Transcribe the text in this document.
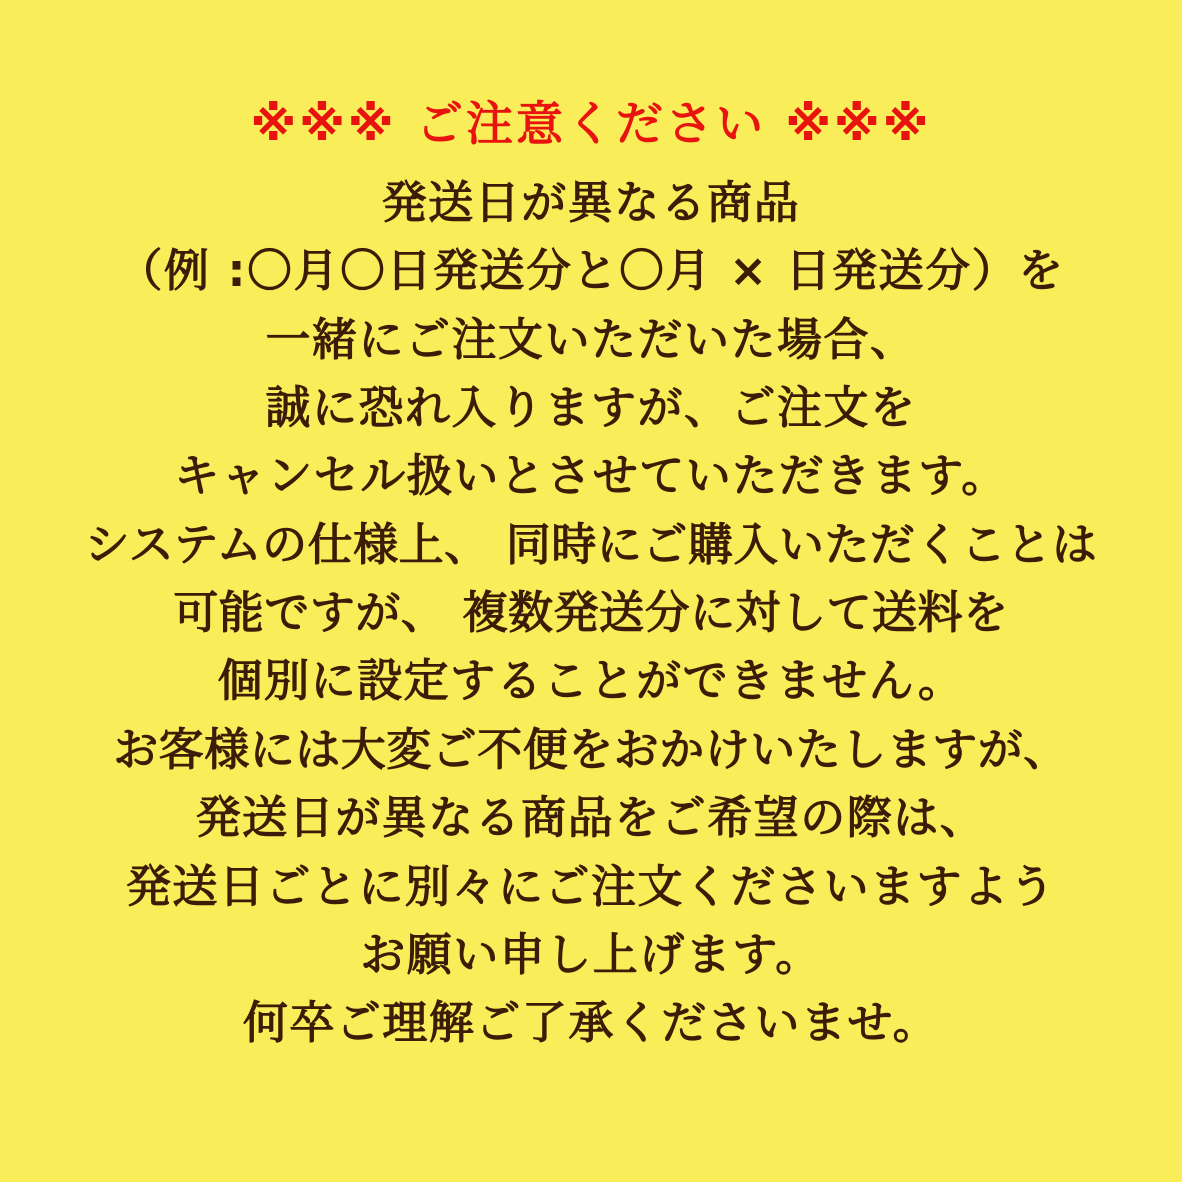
※※※ ご注意ください ※※※
発送日が異なる商品
（例 :〇月〇日発送分と〇月 × 日発送分）を
一緒にご注文いただいた場合、
誠に恐れ入りますが、ご注文を
キャンセル扱いとさせていただきます。
システムの仕様上、 同時にご購入いただくことは
可能ですが、 複数発送分に対して送料を
個別に設定することができません。
お客様には大変ご不便をおかけいたしますが、
発送日が異なる商品をご希望の際は、
発送日ごとに別々にご注文くださいますよう
お願い申し上げます。
何卒ご理解ご了承くださいませ。
